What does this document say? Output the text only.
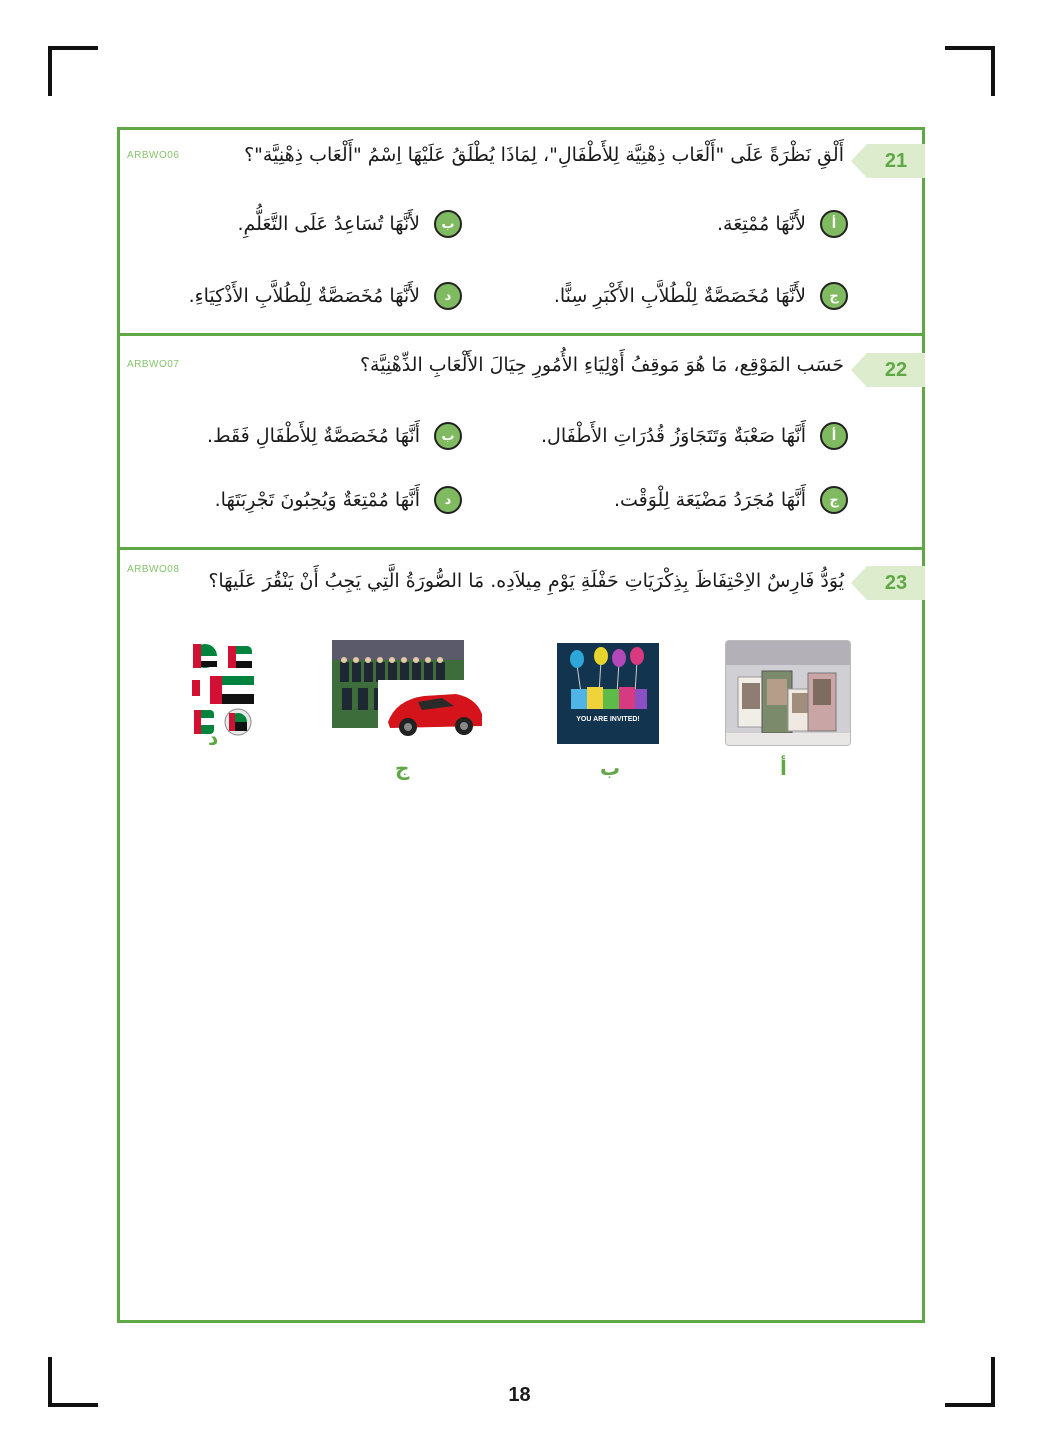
21
ARBWO06	أَلْقِ نَظْرَةً عَلَى "أَلْعَاب ذِهْنِيَّة لِلأَطْفَالِ"، لِمَاذَا يُطْلَقُ عَلَيْهَا اِسْمُ "أَلْعَاب ذِهْنِيَّة"؟
أ
لأَنَّهَا مُمْتِعَة.
ب
لأَنَّهَا تُسَاعِدُ عَلَى التَّعَلُّمِ.
ج
لأَنَّهَا مُخَصَصَّةٌ لِلْطُلاَّبِ الأَكْبَرِ سِنًّا.
د
لأَنَّهَا مُخَصَصَّةٌ لِلْطُلاَّبِ الأَذْكِيَاءِ.
22
ARBWO07	حَسَب المَوْقِع، مَا هُوَ مَوقِفُ أَوْلِيَاءِ الأُمُورِ حِيَالَ الأَلْعَابِ الذِّهْنِيَّة؟
أ
أَنَّهَا صَعْبَةٌ وَتَتَجَاوَزُ قُدُرَاتِ الأَطْفَال.
ب
أَنَّهَا مُخَصَصَّةٌ لِلأَطْفَالِ فَقَط.
ج
أَنَّهَا مُجَرَدُ مَضْيَعَة لِلْوَقْت.
د
أَنَّهَا مُمْتِعَةٌ وَيُحِبُونَ تَجْرِبَتَهَا.
23
ARBWO08
يُوَدُّ فَارِسٌ الاِحْتِفَاظَ بِذِكْرَيَاتِ حَفْلَةِ يَوْمِ مِيلاَدِه. مَا الصُّورَةُ الَّتِي يَجِبُ أَنْ يَنْقُرَ عَلَيهَا؟
أ
YOU ARE INVITED!
ب
ج
د
18
